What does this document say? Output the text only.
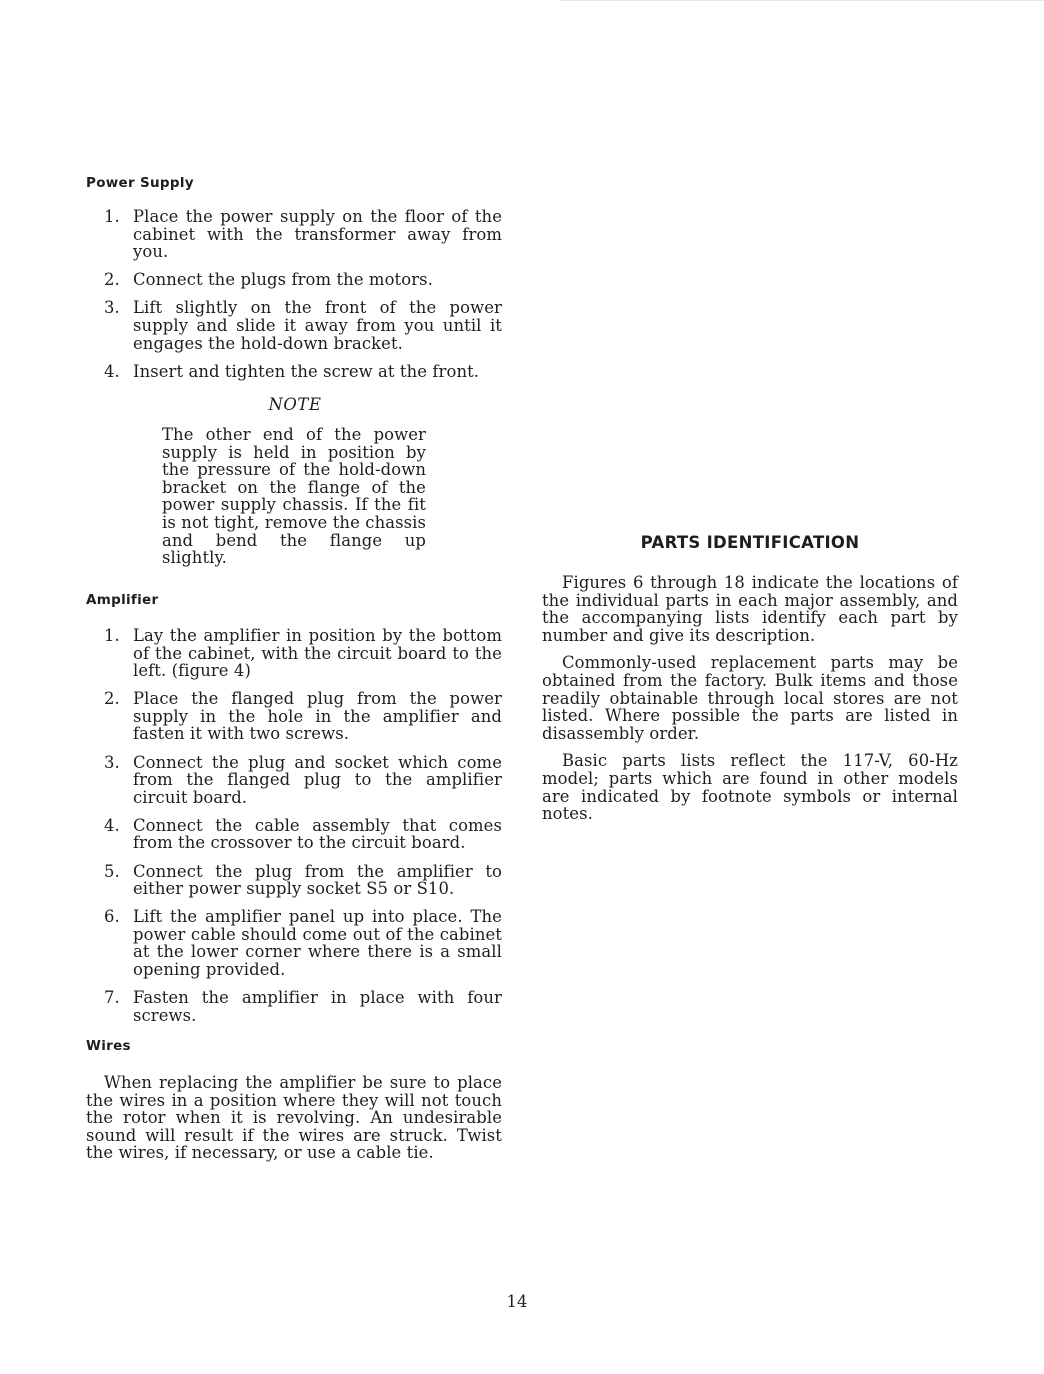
Power Supply
1. Place the power supply on the floor of the cabinet with the transformer away from you.
2. Connect the plugs from the motors.
3. Lift slightly on the front of the power supply and slide it away from you until it engages the hold-down bracket.
4. Insert and tighten the screw at the front.
NOTE
The other end of the power supply is held in position by the pressure of the hold-down bracket on the flange of the power supply chassis. If the fit is not tight, remove the chassis and bend the flange up slightly.
Amplifier
1. Lay the amplifier in position by the bottom of the cabinet, with the circuit board to the left. (figure 4)
2. Place the flanged plug from the power supply in the hole in the amplifier and fasten it with two screws.
3. Connect the plug and socket which come from the flanged plug to the amplifier circuit board.
4. Connect the cable assembly that comes from the crossover to the circuit board.
5. Connect the plug from the amplifier to either power supply socket S5 or S10.
6. Lift the amplifier panel up into place. The power cable should come out of the cabinet at the lower corner where there is a small opening provided.
7. Fasten the amplifier in place with four screws.
Wires

When replacing the amplifier be sure to place the wires in a position where they will not touch the rotor when it is revolving. An undesirable sound will result if the wires are struck. Twist the wires, if necessary, or use a cable tie.

PARTS IDENTIFICATION

Figures 6 through 18 indicate the locations of the individual parts in each major assembly, and the accompanying lists identify each part by number and give its description.

Commonly-used replacement parts may be obtained from the factory. Bulk items and those readily obtainable through local stores are not listed. Where possible the parts are listed in disassembly order.

Basic parts lists reflect the 117-V, 60-Hz model; parts which are found in other models are indicated by footnote symbols or internal notes.

14
